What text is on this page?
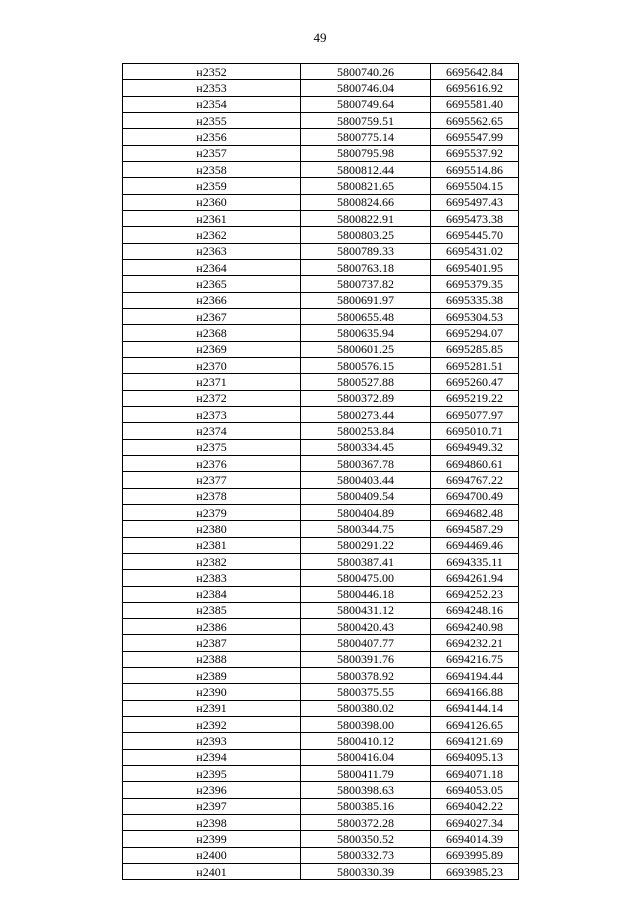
49
н2352	5800740.26	6695642.84
н2353	5800746.04	6695616.92
н2354	5800749.64	6695581.40
н2355	5800759.51	6695562.65
н2356	5800775.14	6695547.99
н2357	5800795.98	6695537.92
н2358	5800812.44	6695514.86
н2359	5800821.65	6695504.15
н2360	5800824.66	6695497.43
н2361	5800822.91	6695473.38
н2362	5800803.25	6695445.70
н2363	5800789.33	6695431.02
н2364	5800763.18	6695401.95
н2365	5800737.82	6695379.35
н2366	5800691.97	6695335.38
н2367	5800655.48	6695304.53
н2368	5800635.94	6695294.07
н2369	5800601.25	6695285.85
н2370	5800576.15	6695281.51
н2371	5800527.88	6695260.47
н2372	5800372.89	6695219.22
н2373	5800273.44	6695077.97
н2374	5800253.84	6695010.71
н2375	5800334.45	6694949.32
н2376	5800367.78	6694860.61
н2377	5800403.44	6694767.22
н2378	5800409.54	6694700.49
н2379	5800404.89	6694682.48
н2380	5800344.75	6694587.29
н2381	5800291.22	6694469.46
н2382	5800387.41	6694335.11
н2383	5800475.00	6694261.94
н2384	5800446.18	6694252.23
н2385	5800431.12	6694248.16
н2386	5800420.43	6694240.98
н2387	5800407.77	6694232.21
н2388	5800391.76	6694216.75
н2389	5800378.92	6694194.44
н2390	5800375.55	6694166.88
н2391	5800380.02	6694144.14
н2392	5800398.00	6694126.65
н2393	5800410.12	6694121.69
н2394	5800416.04	6694095.13
н2395	5800411.79	6694071.18
н2396	5800398.63	6694053.05
н2397	5800385.16	6694042.22
н2398	5800372.28	6694027.34
н2399	5800350.52	6694014.39
н2400	5800332.73	6693995.89
н2401	5800330.39	6693985.23
